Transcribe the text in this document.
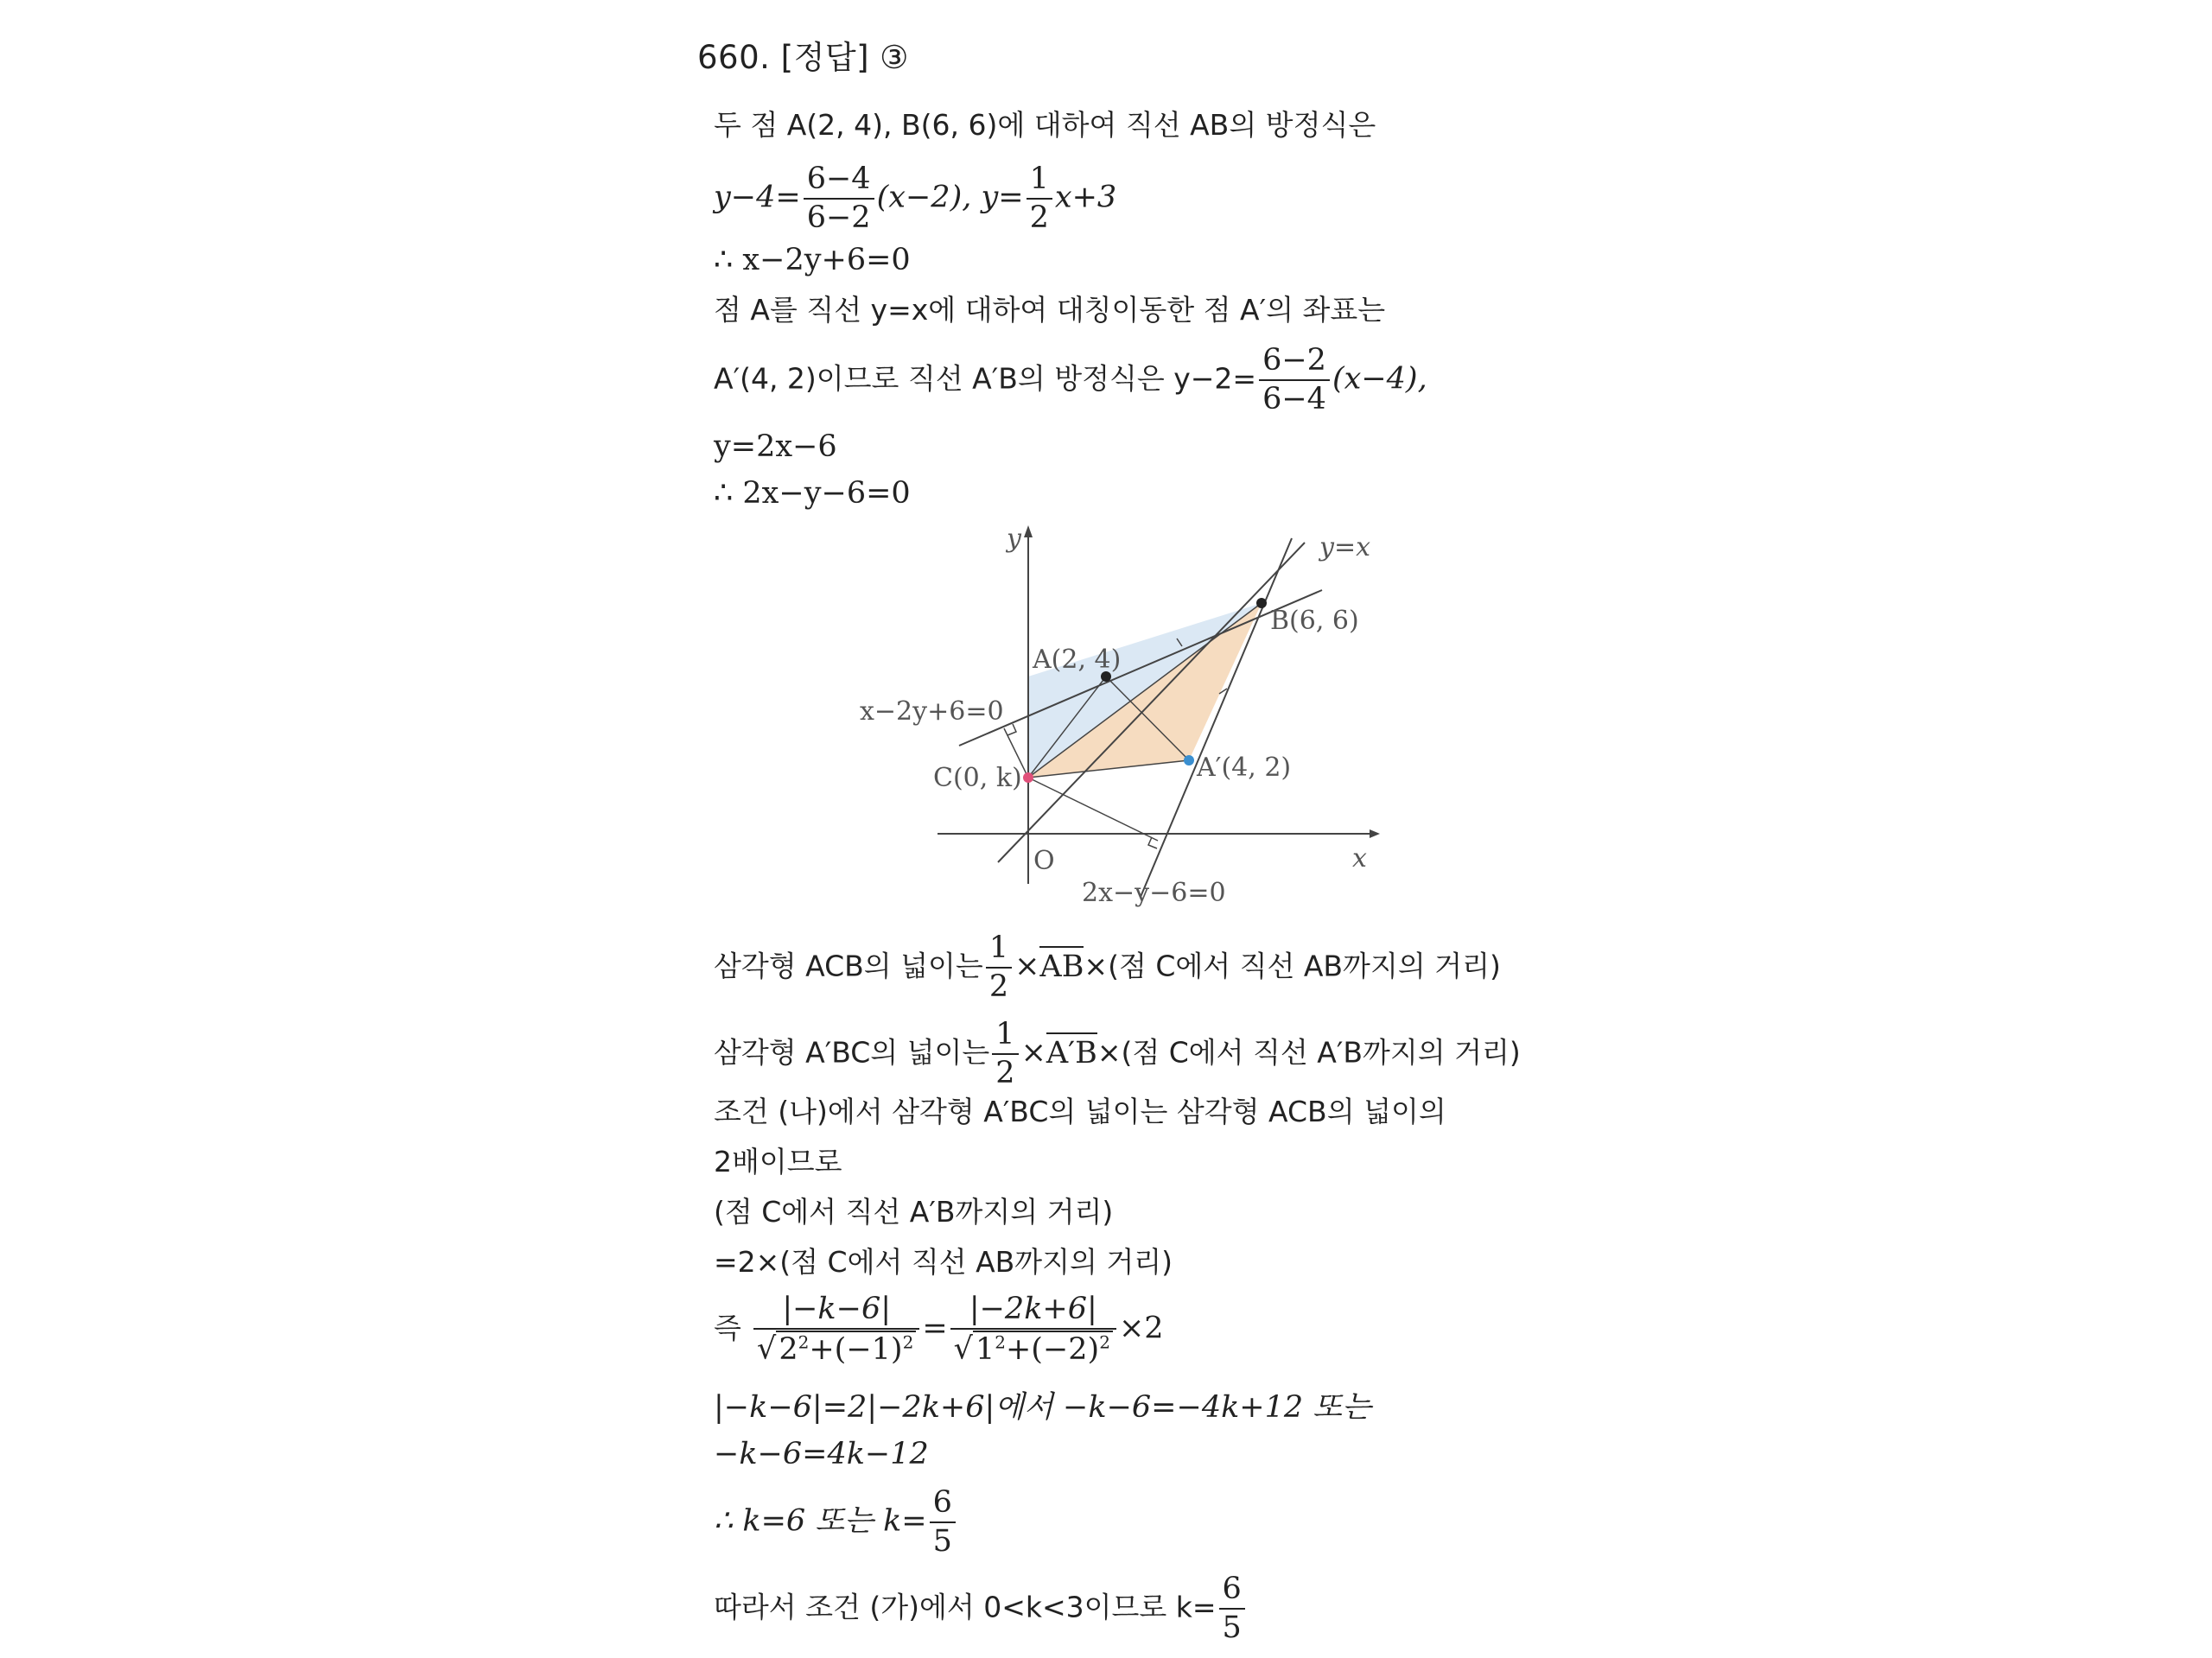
660. [정답] ③
두 점 A(2, 4), B(6, 6)에 대하여 직선 AB의 방정식은
$y-4= \frac{6-4}{6-2} (x-2)$, $y= \frac{1}{2} x+3$
∴ x−2y+6=0
점 A를 직선 y=x에 대하여 대칭이동한 점 A′의 좌표는
A′(4, 2)이므로 직선 A′B의 방정식은 $y-2= \frac{6-2}{6-4} (x-4)$,
y=2x−6
∴ 2x−y−6=0
y
x
y=x
B(6, 6)
A(2, 4)
x−2y+6=0
A′(4, 2)
C(0, k)
O
2x−y−6=0
삼각형 ACB의 넓이는 $\frac{1}{2} \times AB\times$(점 C에서 직선 AB까지의 거리)
삼각형 A′BC의 넓이는 $\frac{1}{2} \times A'B\times$(점 C에서 직선 A′B까지의 거리)
조건 (나)에서 삼각형 A′BC의 넓이는 삼각형 ACB의 넓이의
2배이므로
(점 C에서 직선 A′B까지의 거리)
=2×(점 C에서 직선 AB까지의 거리)
즉 $\frac{|-k-6|}{√2^2+(-1)^2} = \frac{|-2k+6|}{√1^2+(-2)^2} \times 2$
|−k−6|=2|−2k+6|에서 −k−6=−4k+12 또는
−k−6=4k−12
∴ k=6 또는 $k= \frac{6}{5}$
따라서 조건 (가)에서 0<k<3이므로 $k= \frac{6}{5}$
